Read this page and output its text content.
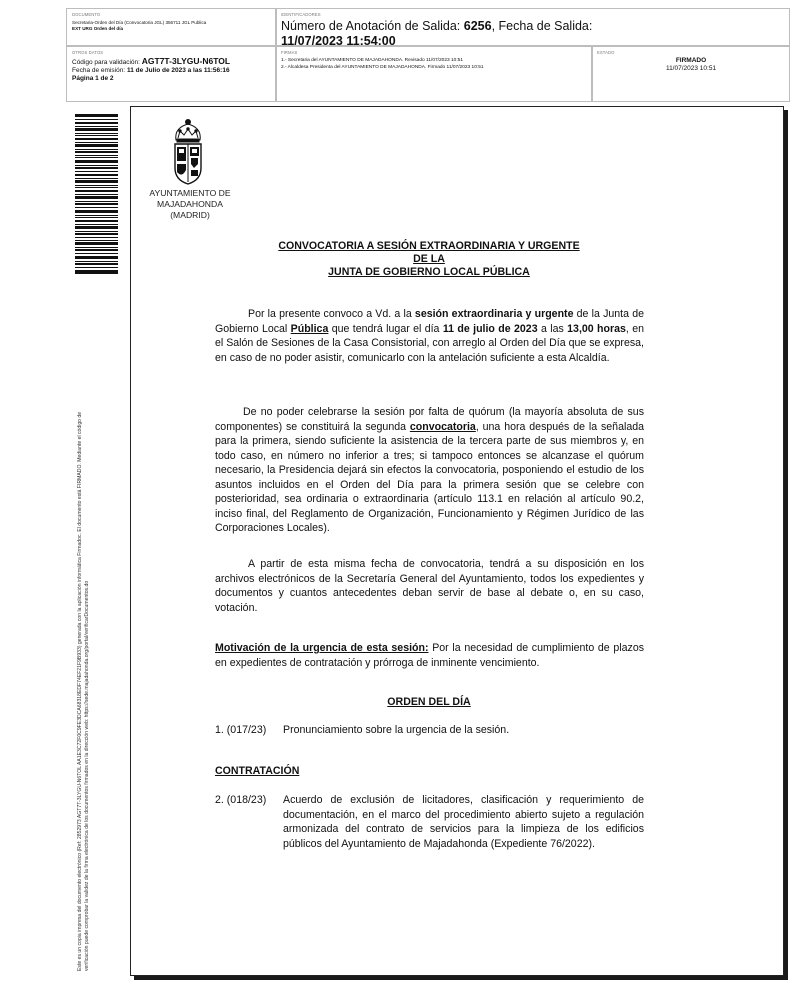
DOCUMENTO
Secretaria-Orden del Día (Convocatoria JGL) 356711 JGL Publica
EXT URG Orden del día
IDENTIFICADORES
Número de Anotación de Salida: 6256, Fecha de Salida: 11/07/2023 11:54:00
OTROS DATOS
Código para validación: AGT7T-3LYGU-N6TOL
Fecha de emisión: 11 de Julio de 2023 a las 11:56:16
Página 1 de 2
FIRMAS
1.- Secretaria del AYUNTAMIENTO DE MAJADAHONDA. Revisado 11/07/2023 10:51
2.- Alcaldesa Presidenta del AYUNTAMIENTO DE MAJADAHONDA. Firmado 11/07/2023 10:51
ESTADO
FIRMADO
11/07/2023 10:51
Este es un copia impresa del documento electrónico (Ref: 2852973 AGT7T-3LYGU-N6TOL AA1E3C72F0C9FE3DCA68318EDF74EF21F9B933) generada con la aplicación informática Firmadoc. El documento está FIRMADO. Mediante el código de verificación puede comprobar la validez de la firma electrónica de los documentos firmados en la dirección web: https://sede.majadahonda.org/portal/verificarDocumentos.do
AYUNTAMIENTO DE
MAJADAHONDA
(MADRID)
CONVOCATORIA A SESIÓN EXTRAORDINARIA Y URGENTE
DE LA
JUNTA DE GOBIERNO LOCAL PÚBLICA
Por la presente convoco a Vd. a la sesión extraordinaria y urgente de la Junta de Gobierno Local Pública que tendrá lugar el día 11 de julio de 2023 a las 13,00 horas, en el Salón de Sesiones de la Casa Consistorial, con arreglo al Orden del Día que se expresa, en caso de no poder asistir, comunicarlo con la antelación suficiente a esta Alcaldía.
De no poder celebrarse la sesión por falta de quórum (la mayoría absoluta de sus componentes) se constituirá la segunda convocatoria, una hora después de la señalada para la primera, siendo suficiente la asistencia de la tercera parte de sus miembros y, en todo caso, en número no inferior a tres; si tampoco entonces se alcanzase el quórum necesario, la Presidencia dejará sin efectos la convocatoria, posponiendo el estudio de los asuntos incluidos en el Orden del Día para la primera sesión que se celebre con posterioridad, sea ordinaria o extraordinaria (artículo 113.1 en relación al artículo 90.2, inciso final, del Reglamento de Organización, Funcionamiento y Régimen Jurídico de las Corporaciones Locales).
A partir de esta misma fecha de convocatoria, tendrá a su disposición en los archivos electrónicos de la Secretaría General del Ayuntamiento, todos los expedientes y documentos y cuantos antecedentes deban servir de base al debate o, en su caso, votación.
Motivación de la urgencia de esta sesión: Por la necesidad de cumplimiento de plazos en expedientes de contratación y prórroga de inminente vencimiento.
ORDEN DEL DÍA
1. (017/23)	Pronunciamiento sobre la urgencia de la sesión.
CONTRATACIÓN
2. (018/23)	Acuerdo de exclusión de licitadores, clasificación y requerimiento de documentación, en el marco del procedimiento abierto sujeto a regulación armonizada del contrato de servicios para la limpieza de los edificios públicos del Ayuntamiento de Majadahonda (Expediente 76/2022).
